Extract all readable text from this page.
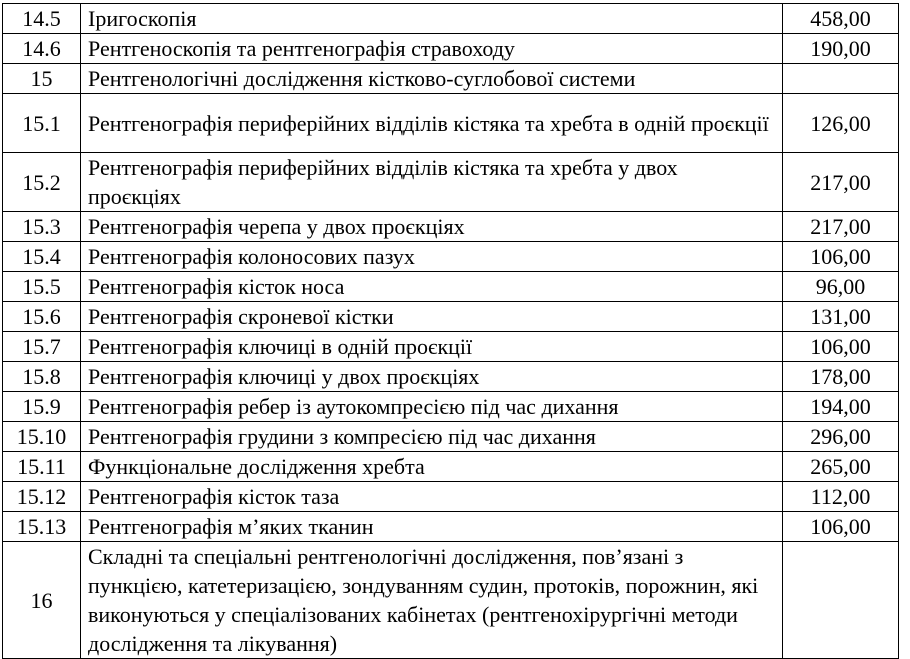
14.5	Іригоскопія	458,00
14.6	Рентгеноскопія та рентгенографія стравоходу	190,00
15	Рентгенологічні дослідження кістково-суглобової системи	
15.1	Рентгенографія периферійних відділів кістяка та хребта в одній проєкції	126,00
15.2	Рентгенографія периферійних відділів кістяка та хребта у двох проєкціях	217,00
15.3	Рентгенографія черепа у двох проєкціях	217,00
15.4	Рентгенографія колоносових пазух	106,00
15.5	Рентгенографія кісток носа	96,00
15.6	Рентгенографія скроневої кістки	131,00
15.7	Рентгенографія ключиці в одній проєкції	106,00
15.8	Рентгенографія ключиці у двох проєкціях	178,00
15.9	Рентгенографія ребер із аутокомпресією під час дихання	194,00
15.10	Рентгенографія грудини з компресією під час дихання	296,00
15.11	Функціональне дослідження хребта	265,00
15.12	Рентгенографія кісток таза	112,00
15.13	Рентгенографія м’яких тканин	106,00
16	Складні та спеціальні рентгенологічні дослідження, пов’язані з пункцією, катетеризацією, зондуванням судин, протоків, порожнин, які виконуються у спеціалізованих кабінетах (рентгенохірургічні методи дослідження та лікування)	
